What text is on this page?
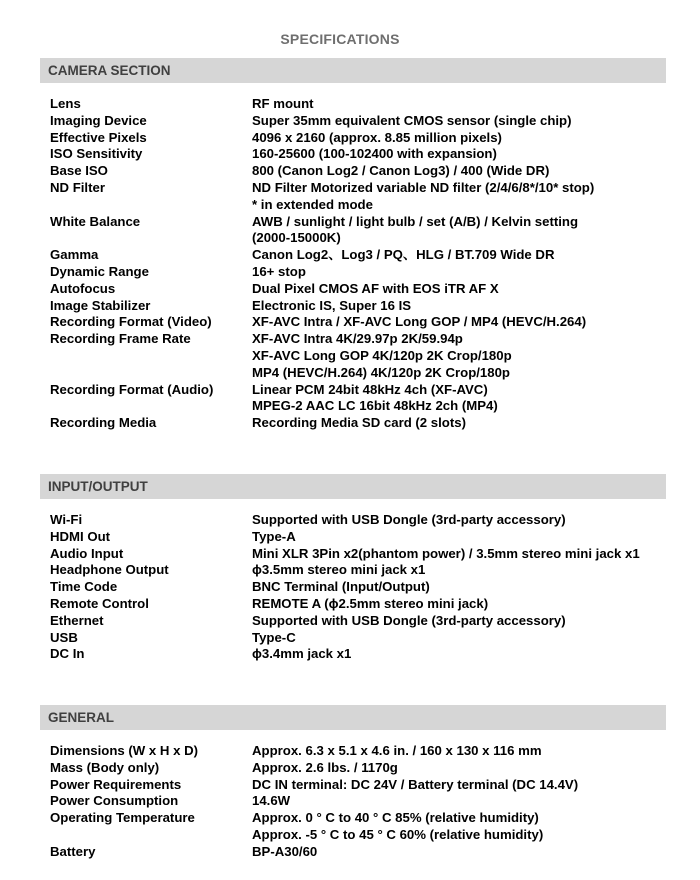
SPECIFICATIONS
CAMERA SECTION
Lens	RF mount
Imaging Device	Super 35mm equivalent CMOS sensor (single chip)
Effective Pixels	4096 x 2160 (approx. 8.85 million pixels)
ISO Sensitivity	160-25600 (100-102400 with expansion)
Base ISO	800 (Canon Log2 / Canon Log3) / 400 (Wide DR)
ND Filter	ND Filter Motorized variable ND filter (2/4/6/8*/10* stop)
* in extended mode
White Balance	AWB / sunlight / light bulb / set (A/B) / Kelvin setting
(2000-15000K)
Gamma	Canon Log2、Log3 / PQ、HLG / BT.709 Wide DR
Dynamic Range	16+ stop
Autofocus	Dual Pixel CMOS AF with EOS iTR AF X
Image Stabilizer	Electronic IS, Super 16 IS
Recording Format (Video)	XF-AVC Intra / XF-AVC Long GOP / MP4 (HEVC/H.264)
Recording Frame Rate	XF-AVC Intra 4K/29.97p 2K/59.94p
XF-AVC Long GOP 4K/120p 2K Crop/180p
MP4 (HEVC/H.264) 4K/120p 2K Crop/180p
Recording Format (Audio)	Linear PCM 24bit 48kHz 4ch (XF-AVC)
MPEG-2 AAC LC 16bit 48kHz 2ch (MP4)
Recording Media	Recording Media SD card (2 slots)
INPUT/OUTPUT
Wi-Fi	Supported with USB Dongle (3rd-party accessory)
HDMI Out	Type-A
Audio Input	Mini XLR 3Pin x2(phantom power) / 3.5mm stereo mini jack x1
Headphone Output	ϕ3.5mm stereo mini jack x1
Time Code	BNC Terminal (Input/Output)
Remote Control	REMOTE A (ϕ2.5mm stereo mini jack)
Ethernet	Supported with USB Dongle (3rd-party accessory)
USB	Type-C
DC In	ϕ3.4mm jack x1
GENERAL
Dimensions (W x H x D)	Approx. 6.3 x 5.1 x 4.6 in. / 160 x 130 x 116 mm
Mass (Body only)	Approx. 2.6 lbs. / 1170g
Power Requirements	DC IN terminal: DC 24V / Battery terminal (DC 14.4V)
Power Consumption	14.6W
Operating Temperature	Approx. 0 ° C to 40 ° C 85% (relative humidity)
Approx. -5 ° C to 45 ° C 60% (relative humidity)
Battery	BP-A30/60
